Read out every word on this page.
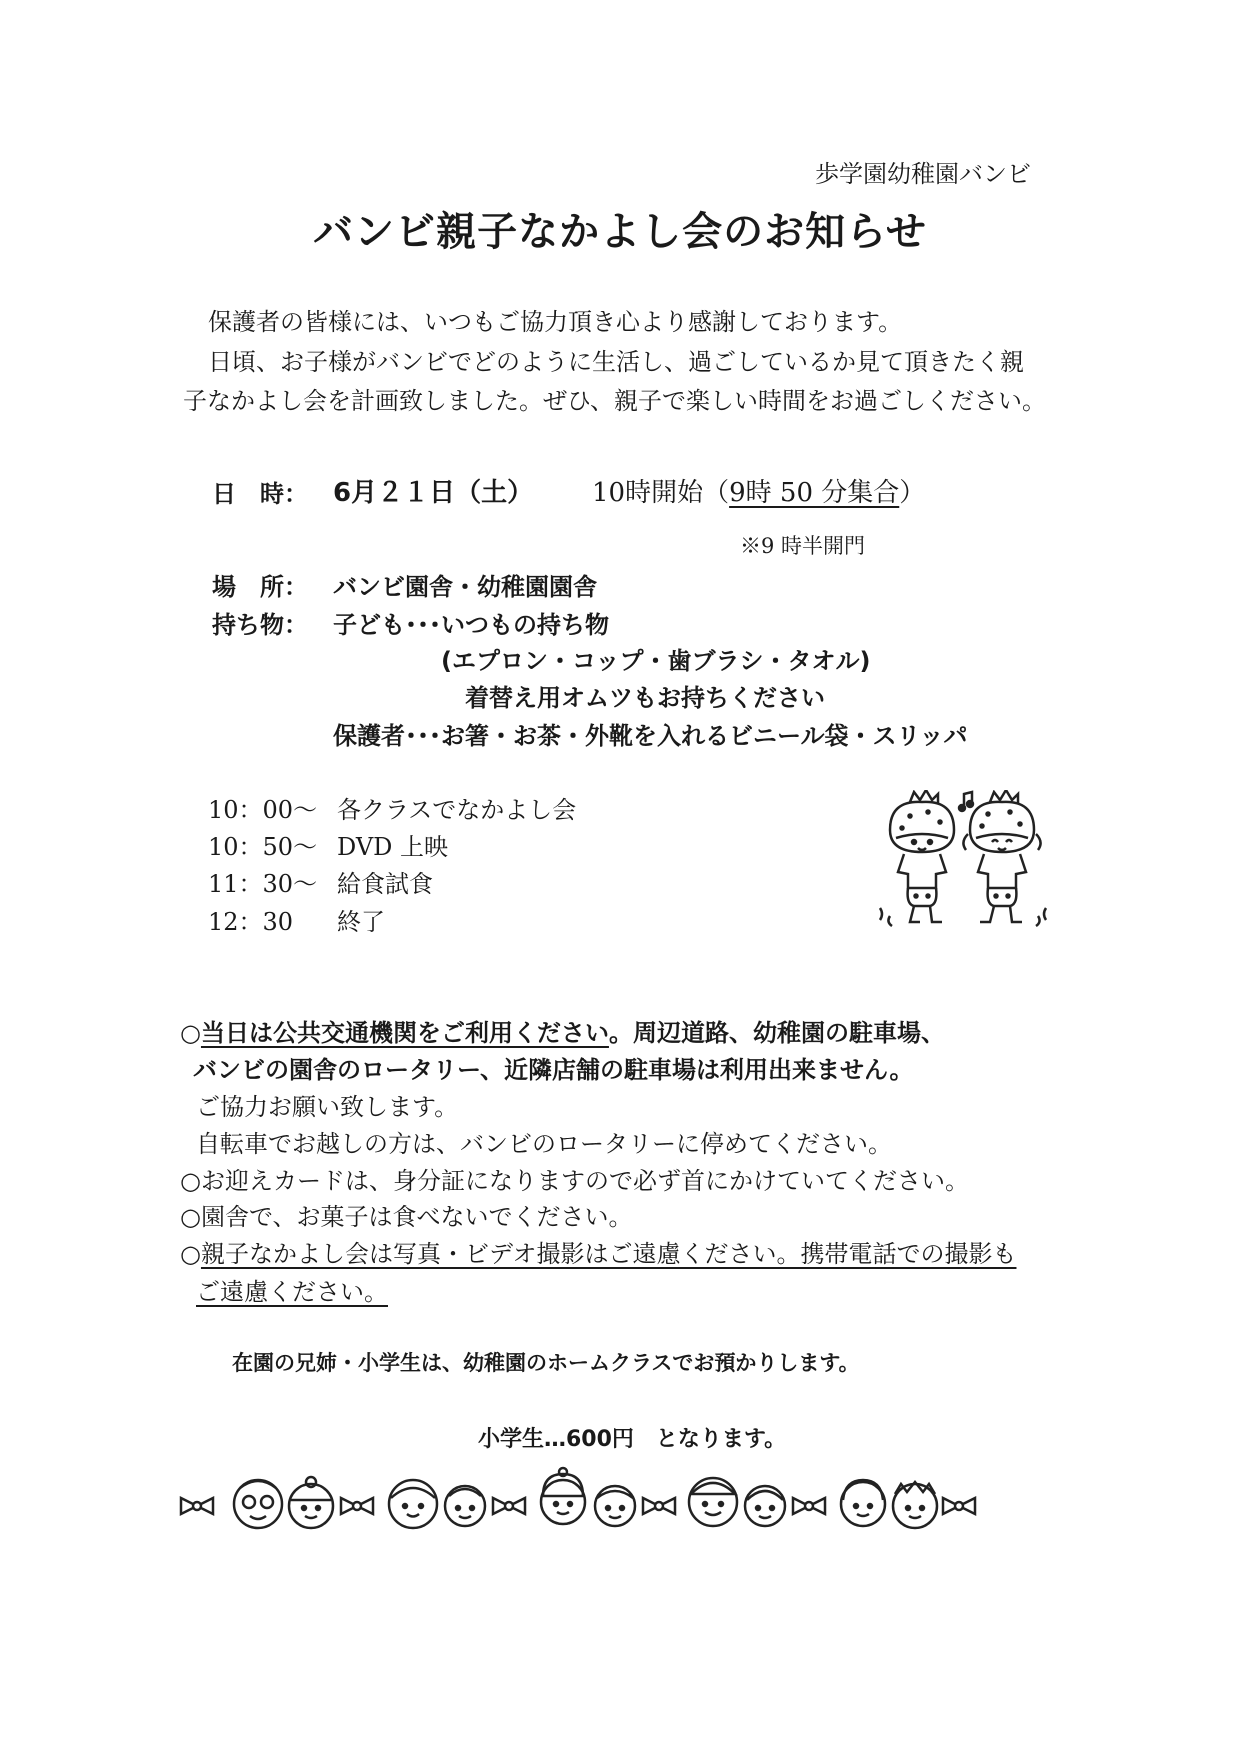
歩学園幼稚園バンビ
バンビ親子なかよし会のお知らせ
保護者の皆様には、いつもご協力頂き心より感謝しております。
日頃、お子様がバンビでどのように生活し、過ごしているか見て頂きたく親
子なかよし会を計画致しました。ぜひ、親子で楽しい時間をお過ごしください。
日　時： 6月２１日（土） 10時開始（9時 50 分集合）
※9 時半開門
場　所： バンビ園舎・幼稚園園舎
持ち物： 子ども･･･いつもの持ち物
(エプロン・コップ・歯ブラシ・タオル)
着替え用オムツもお持ちください
保護者･･･お箸・お茶・外靴を入れるビニール袋・スリッパ
10：00～ 各クラスでなかよし会
10：50～ DVD 上映
11：30～ 給食試食
12：30 終了
○当日は公共交通機関をご利用ください。周辺道路、幼稚園の駐車場、
バンビの園舎のロータリー、近隣店舗の駐車場は利用出来ません。
ご協力お願い致します。
自転車でお越しの方は、バンビのロータリーに停めてください。
○お迎えカードは、身分証になりますので必ず首にかけていてください。
○園舎で、お菓子は食べないでください。
○親子なかよし会は写真・ビデオ撮影はご遠慮ください。携帯電話での撮影も
ご遠慮ください。
在園の兄姉・小学生は、幼稚園のホームクラスでお預かりします。
小学生…600円　となります。
